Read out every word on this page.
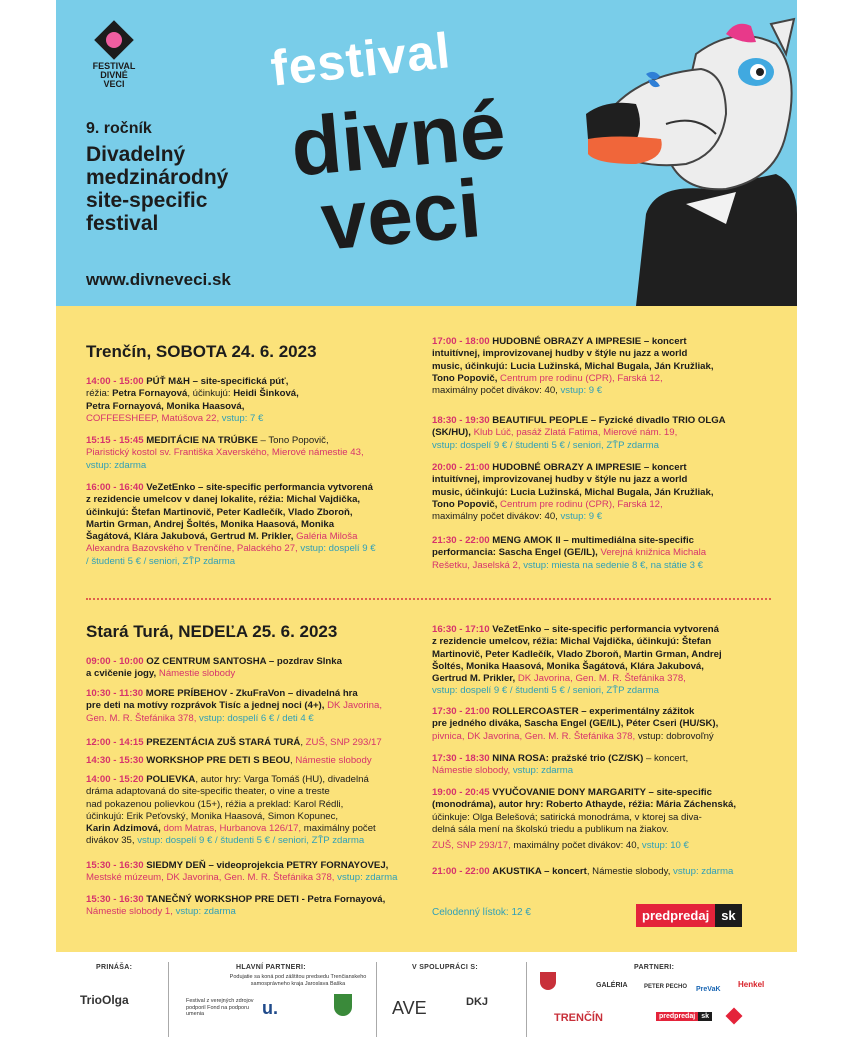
FESTIVAL
DIVNÉ
VECI
9. ročník
Divadelný
medzinárodný
site-specific
festival
www.divneveci.sk
festival
divné
veci
Trenčín, SOBOTA 24. 6. 2023
14:00 - 15:00 PÚŤ M&H – site-specifická púť,
réžia: Petra Fornayová, účinkujú: Heidi Šinková,
Petra Fornayová, Monika Haasová,
COFFEESHEEP, Matúšova 22, vstup: 7 €
15:15 - 15:45 MEDITÁCIE NA TRÚBKE – Tono Popovič,
Piaristický kostol sv. Františka Xaverského, Mierové námestie 43,
vstup: zdarma
16:00 - 16:40 VeZetEnko – site-specific performancia vytvorená
z rezidencie umelcov v danej lokalite, réžia: Michal Vajdička,
účinkujú: Štefan Martinovič, Peter Kadlečík, Vlado Zboroň,
Martin Grman, Andrej Šoltés, Monika Haasová, Monika
Šagátová, Klára Jakubová, Gertrud M. Prikler, Galéria Miloša
Alexandra Bazovského v Trenčíne, Palackého 27, vstup: dospelí 9 €
/ študenti 5 € / seniori, ZŤP zdarma
17:00 - 18:00 HUDOBNÉ OBRAZY A IMPRESIE – koncert
intuitívnej, improvizovanej hudby v štýle nu jazz a world
music, účinkujú: Lucia Lužinská, Michal Bugala, Ján Kružliak,
Tono Popovič, Centrum pre rodinu (CPR), Farská 12,
maximálny počet divákov: 40, vstup: 9 €
18:30 - 19:30 BEAUTIFUL PEOPLE – Fyzické divadlo TRIO OLGA
(SK/HU), Klub Lúč, pasáž Zlatá Fatima, Mierové nám. 19,
vstup: dospelí 9 € / študenti 5 € / seniori, ZŤP zdarma
20:00 - 21:00 HUDOBNÉ OBRAZY A IMPRESIE – koncert
intuitívnej, improvizovanej hudby v štýle nu jazz a world
music, účinkujú: Lucia Lužinská, Michal Bugala, Ján Kružliak,
Tono Popovič, Centrum pre rodinu (CPR), Farská 12,
maximálny počet divákov: 40, vstup: 9 €
21:30 - 22:00 MENG AMOK II – multimediálna site-specific
performancia: Sascha Engel (GE/IL), Verejná knižnica Michala
Rešetku, Jaselská 2, vstup: miesta na sedenie 8 €, na státie 3 €
Stará Turá, NEDEĽA 25. 6. 2023
09:00 - 10:00 OZ CENTRUM SANTOSHA – pozdrav Slnka
a cvičenie jogy, Námestie slobody
10:30 - 11:30 MORE PRÍBEHOV - ZkuFraVon – divadelná hra
pre deti na motívy rozprávok Tisíc a jednej noci (4+), DK Javorina,
Gen. M. R. Štefánika 378, vstup: dospelí 6 € / deti 4 €
12:00 - 14:15 PREZENTÁCIA ZUŠ STARÁ TURÁ, ZUŠ, SNP 293/17
14:30 - 15:30 WORKSHOP PRE DETI S BEOU, Námestie slobody
14:00 - 15:20 POLIEVKA, autor hry: Varga Tomáš (HU), divadelná
dráma adaptovaná do site-specific theater, o vine a treste
nad pokazenou polievkou (15+), réžia a preklad: Karol Rédli,
účinkujú: Erik Peťovský, Monika Haasová, Simon Kopunec,
Karin Adzimová, dom Matras, Hurbanova 126/17, maximálny počet
divákov 35, vstup: dospelí 9 € / študenti 5 € / seniori, ZŤP zdarma
15:30 - 16:30 SIEDMY DEŇ – videoprojekcia PETRY FORNAYOVEJ,
Mestské múzeum, DK Javorina, Gen. M. R. Štefánika 378, vstup: zdarma
15:30 - 16:30 TANEČNÝ WORKSHOP PRE DETI - Petra Fornayová,
Námestie slobody 1, vstup: zdarma
16:30 - 17:10 VeZetEnko – site-specific performancia vytvorená
z rezidencie umelcov, réžia: Michal Vajdička, účinkujú: Štefan
Martinovič, Peter Kadlečík, Vlado Zboroň, Martin Grman, Andrej
Šoltés, Monika Haasová, Monika Šagátová, Klára Jakubová,
Gertrud M. Prikler, DK Javorina, Gen. M. R. Štefánika 378,
vstup: dospelí 9 € / študenti 5 € / seniori, ZŤP zdarma
17:30 - 21:00 ROLLERCOASTER – experimentálny zážitok
pre jedného diváka, Sascha Engel (GE/IL), Péter Cseri (HU/SK),
pivnica, DK Javorina, Gen. M. R. Štefánika 378, vstup: dobrovoľný
17:30 - 18:30 NINA ROSA: pražské trio (CZ/SK) – koncert,
Námestie slobody, vstup: zdarma
19:00 - 20:45 VYUČOVANIE DONY MARGARITY – site-specific
(monodráma), autor hry: Roberto Athayde, réžia: Mária Záchenská,
účinkuje: Olga Belešová; satirická monodráma, v ktorej sa diva-
delná sála mení na školskú triedu a publikum na žiakov.
ZUŠ, SNP 293/17, maximálny počet divákov: 40, vstup: 10 €
21:00 - 22:00 AKUSTIKA – koncert, Námestie slobody, vstup: zdarma
Celodenný lístok: 12 €	predpredaj sk
PRINÁŠA:
TrioOlga
HLAVNÍ PARTNERI:
Podujatie sa koná pod záštitou predsedu Trenčianskeho samosprávneho kraja Jaroslava Baška
Festival z verejných zdrojov podporil Fond na podporu umenia	u.
V SPOLUPRÁCI S:
AVE	DKJ
PARTNERI:
GALÉRIA	PETER PECHO PreVaK
Henkel
TRENČÍN	predpredaj sk
